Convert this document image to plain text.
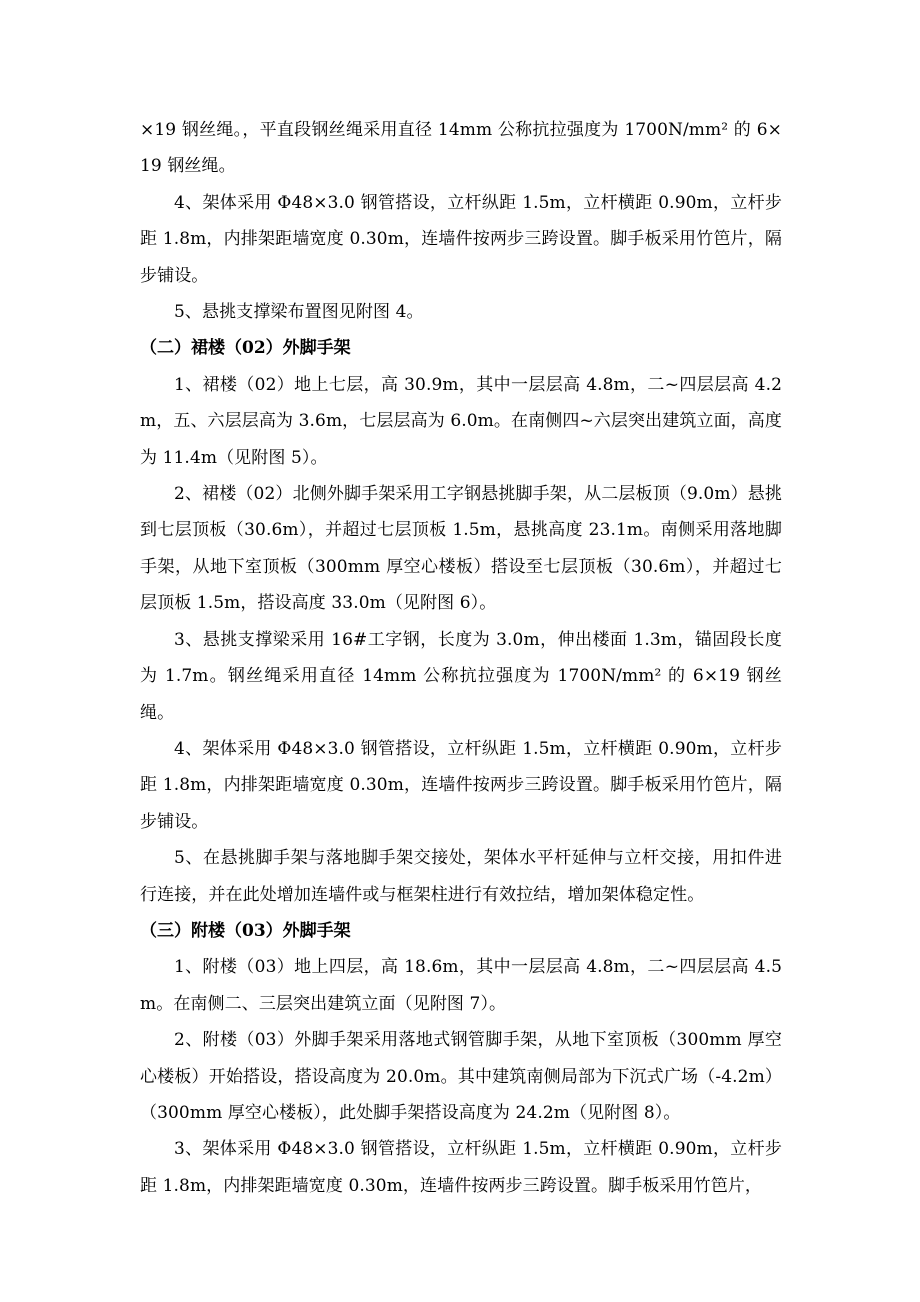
×19 钢丝绳。，平直段钢丝绳采用直径 14mm 公称抗拉强度为 1700N/mm² 的 6×19 钢丝绳。

4、架体采用 Φ48×3.0 钢管搭设，立杆纵距 1.5m，立杆横距 0.90m，立杆步距 1.8m，内排架距墙宽度 0.30m，连墙件按两步三跨设置。脚手板采用竹笆片，隔步铺设。

5、悬挑支撑梁布置图见附图 4。

（二）裙楼（02）外脚手架

1、裙楼（02）地上七层，高 30.9m，其中一层层高 4.8m，二~四层层高 4.2m，五、六层层高为 3.6m，七层层高为 6.0m。在南侧四~六层突出建筑立面，高度为 11.4m（见附图 5）。

2、裙楼（02）北侧外脚手架采用工字钢悬挑脚手架，从二层板顶（9.0m）悬挑到七层顶板（30.6m），并超过七层顶板 1.5m，悬挑高度 23.1m。南侧采用落地脚手架，从地下室顶板（300mm 厚空心楼板）搭设至七层顶板（30.6m），并超过七层顶板 1.5m，搭设高度 33.0m（见附图 6）。

3、悬挑支撑梁采用 16#工字钢，长度为 3.0m，伸出楼面 1.3m，锚固段长度为 1.7m。钢丝绳采用直径 14mm 公称抗拉强度为 1700N/mm² 的 6×19 钢丝绳。

4、架体采用 Φ48×3.0 钢管搭设，立杆纵距 1.5m，立杆横距 0.90m，立杆步距 1.8m，内排架距墙宽度 0.30m，连墙件按两步三跨设置。脚手板采用竹笆片，隔步铺设。

5、在悬挑脚手架与落地脚手架交接处，架体水平杆延伸与立杆交接，用扣件进行连接，并在此处增加连墙件或与框架柱进行有效拉结，增加架体稳定性。

（三）附楼（03）外脚手架

1、附楼（03）地上四层，高 18.6m，其中一层层高 4.8m，二~四层层高 4.5m。在南侧二、三层突出建筑立面（见附图 7）。

2、附楼（03）外脚手架采用落地式钢管脚手架，从地下室顶板（300mm 厚空心楼板）开始搭设，搭设高度为 20.0m。其中建筑南侧局部为下沉式广场（-4.2m）（300mm 厚空心楼板），此处脚手架搭设高度为 24.2m（见附图 8）。

3、架体采用 Φ48×3.0 钢管搭设，立杆纵距 1.5m，立杆横距 0.90m，立杆步距 1.8m，内排架距墙宽度 0.30m，连墙件按两步三跨设置。脚手板采用竹笆片，
